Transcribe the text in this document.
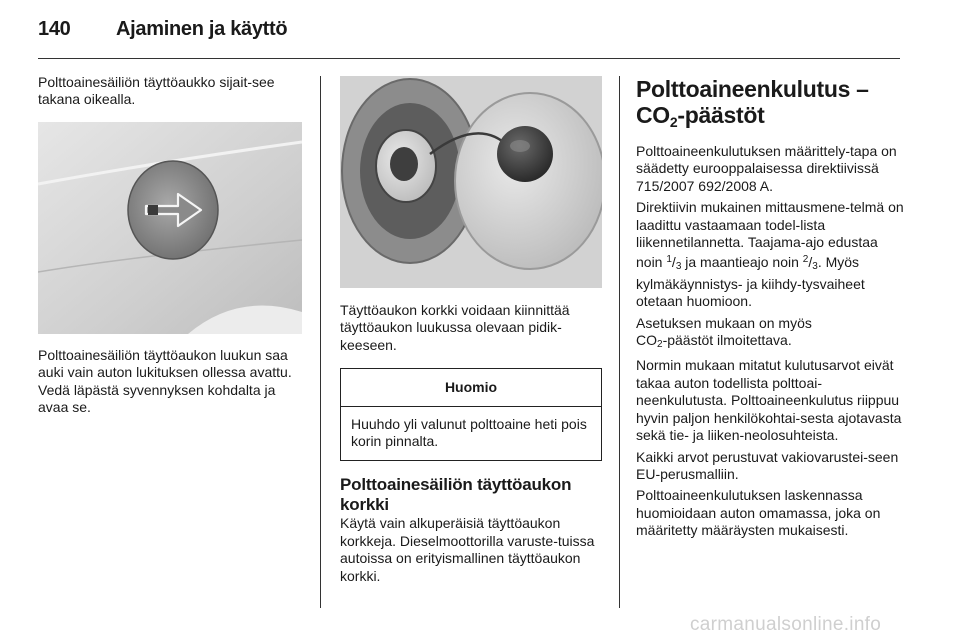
140	Ajaminen ja käyttö

Polttoainesäiliön täyttöaukko sijait-see takana oikealla.

Polttoainesäiliön täyttöaukon luukun saa auki vain auton lukituksen ollessa avattu. Vedä läpästä syvennyksen kohdalta ja avaa se.

Täyttöaukon korkki voidaan kiinnittää täyttöaukon luukussa olevaan pidik-keeseen.

Huomio
Huuhdo yli valunut polttoaine heti pois korin pinnalta.
Polttoainesäiliön täyttöaukon korkki

Käytä vain alkuperäisiä täyttöaukon korkkeja. Dieselmoottorilla varuste-tuissa autoissa on erityismallinen täyttöaukon korkki.

Polttoaineenkulutus –
$CO_2$-päästöt

Polttoaineenkulutuksen määrittely-tapa on säädetty eurooppalaisessa direktiivissä 715/2007 692/2008 A.

Direktiivin mukainen mittausmene-telmä on laadittu vastaamaan todel-lista liikennetilannetta. Taajama-ajo edustaa noin $^1/_3$ ja maantieajo noin $^2/_3$. Myös kylmäkäynnistys- ja kiihdy-tysvaiheet otetaan huomioon.

Asetuksen mukaan on myös
$CO_2$-päästöt ilmoitettava.

Normin mukaan mitatut kulutusarvot eivät takaa auton todellista polttoai-neenkulutusta. Polttoaineenkulutus riippuu hyvin paljon henkilökohtai-sesta ajotavasta sekä tie- ja liiken-neolosuhteista.

Kaikki arvot perustuvat vakiovarustei-seen EU-perusmalliin.

Polttoaineenkulutuksen laskennassa huomioidaan auton omamassa, joka on määritetty määräysten mukaisesti.

carmanualsonline.info
